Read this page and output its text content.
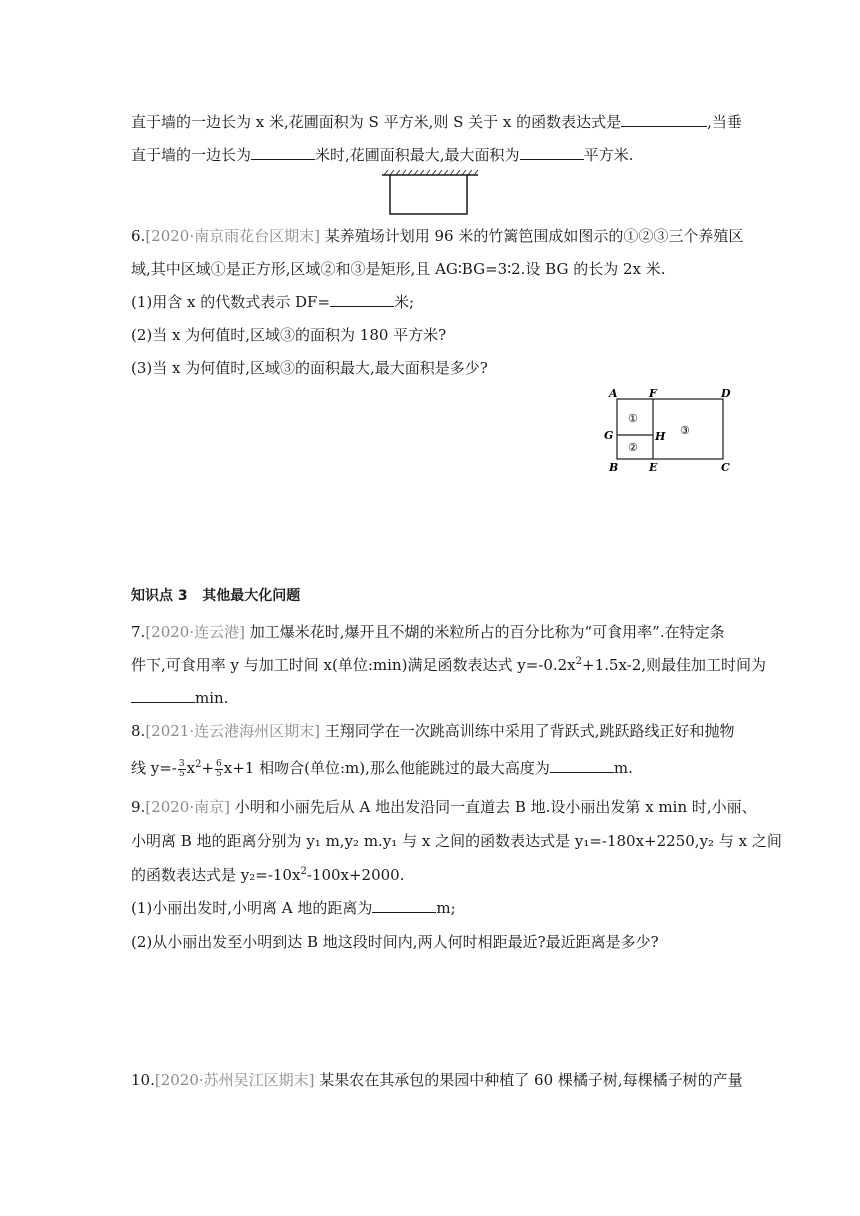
直于墙的一边长为 x 米,花圃面积为 S 平方米,则 S 关于 x 的函数表达式是	,当垂
直于墙的一边长为	米时,花圃面积最大,最大面积为	平方米.
6.[2020·南京雨花台区期末] 某养殖场计划用 96 米的竹篱笆围成如图示的①②③三个养殖区
域,其中区域①是正方形,区域②和③是矩形,且 AG∶BG=3∶2.设 BG 的长为 2x 米.
(1)用含 x 的代数式表示 DF=	米;
(2)当 x 为何值时,区域③的面积为 180 平方米?
(3)当 x 为何值时,区域③的面积最大,最大面积是多少?
A	F	D
G	H
B	E	C
①
②
③
知识点 3 其他最大化问题
7.[2020·连云港] 加工爆米花时,爆开且不煳的米粒所占的百分比称为“可食用率”.在特定条
件下,可食用率 y 与加工时间 x(单位:min)满足函数表达式 $y=-0.2x^2+1.5x-2$,则最佳加工时间为
min.
8.[2021·连云港海州区期末] 王翔同学在一次跳高训练中采用了背跃式,跳跃路线正好和抛物
线 $y=- \frac{3}{5} x^2+ \frac{6}{5} x+1$ 相吻合(单位:m),那么他能跳过的最大高度为	m.
9.[2020·南京] 小明和小丽先后从 A 地出发沿同一直道去 B 地.设小丽出发第 x min 时,小丽、
小明离 B 地的距离分别为 y₁ m,y₂ m.y₁ 与 x 之间的函数表达式是 y₁=-180x+2250,y₂ 与 x 之间
的函数表达式是 $y_2=-10x^2-100x+2000$.
(1)小丽出发时,小明离 A 地的距离为	m;
(2)从小丽出发至小明到达 B 地这段时间内,两人何时相距最近?最近距离是多少?
10.[2020·苏州吴江区期末] 某果农在其承包的果园中种植了 60 棵橘子树,每棵橘子树的产量
